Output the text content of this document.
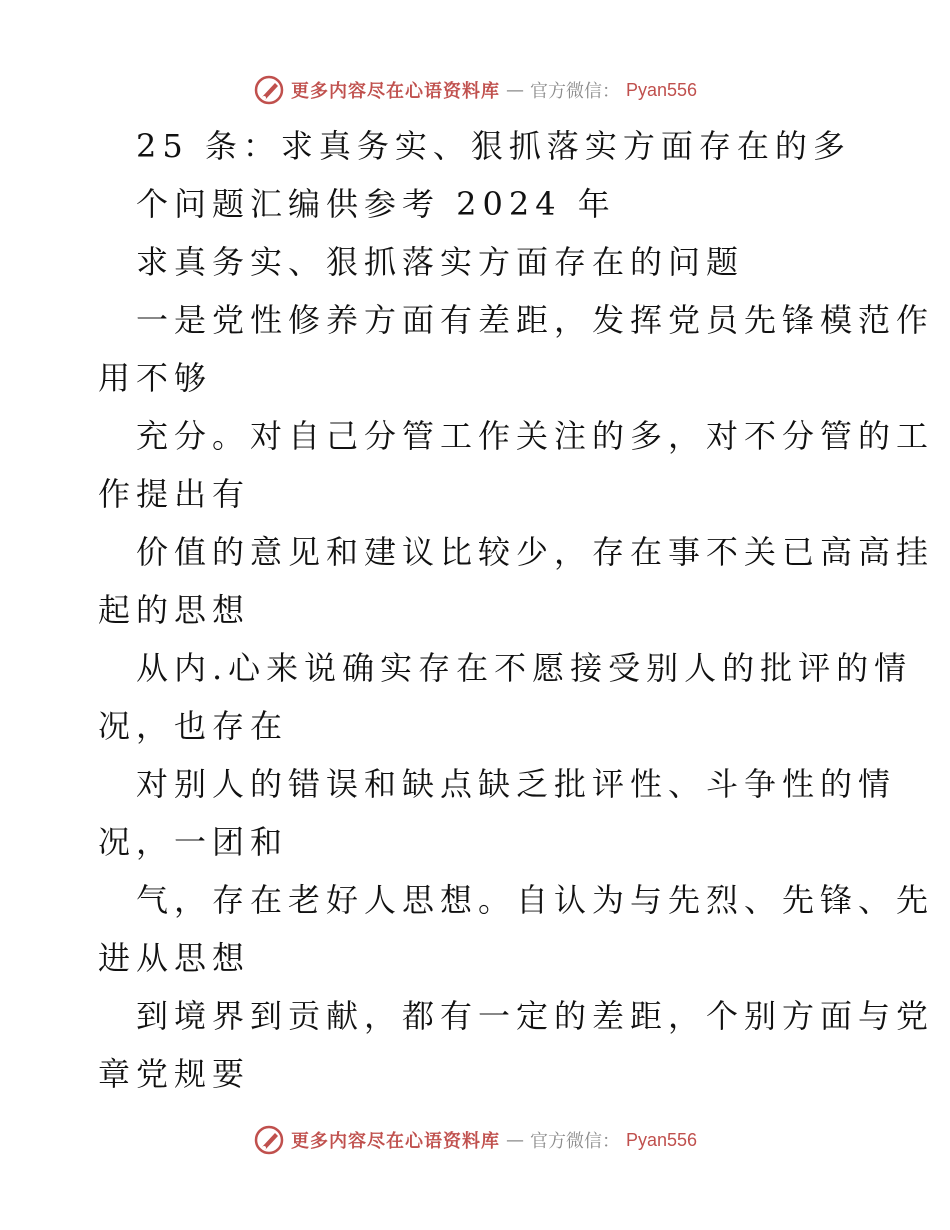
更多内容尽在心语资料库 — 官方微信： Pyan556
25 条：求真务实、狠抓落实方面存在的多
个问题汇编供参考 2024 年
求真务实、狠抓落实方面存在的问题
一是党性修养方面有差距，发挥党员先锋模范作
用不够
充分。对自己分管工作关注的多，对不分管的工
作提出有
价值的意见和建议比较少，存在事不关已高高挂
起的思想
从内.心来说确实存在不愿接受别人的批评的情
况，也存在
对别人的错误和缺点缺乏批评性、斗争性的情
况，一团和
气，存在老好人思想。自认为与先烈、先锋、先
进从思想
到境界到贡献，都有一定的差距，个别方面与党
章党规要
更多内容尽在心语资料库 — 官方微信： Pyan556
